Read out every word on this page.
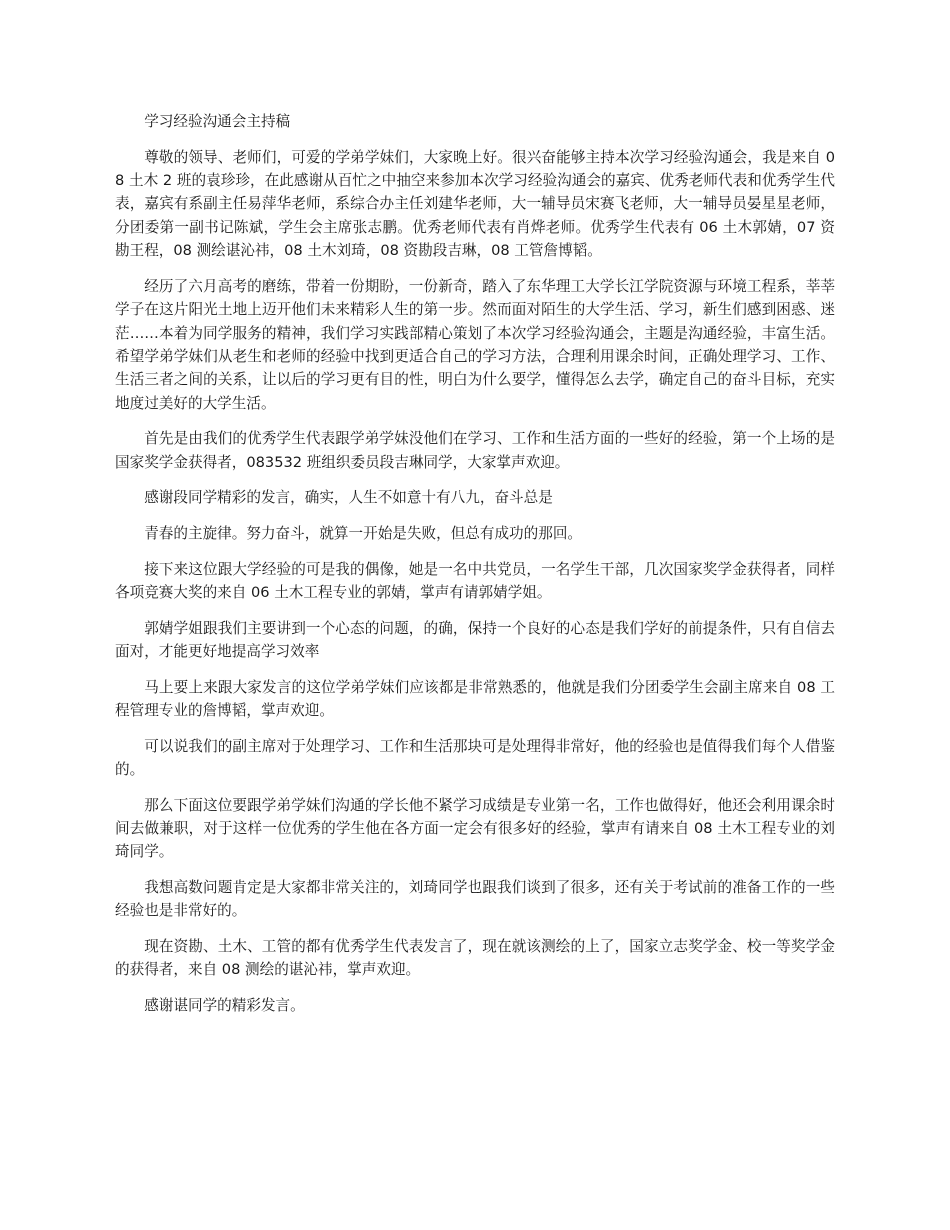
学习经验沟通会主持稿

尊敬的领导、老师们，可爱的学弟学妹们，大家晚上好。很兴奋能够主持本次学习经验沟通会，我是来自 08 土木 2 班的袁珍珍，在此感谢从百忙之中抽空来参加本次学习经验沟通会的嘉宾、优秀老师代表和优秀学生代表，嘉宾有系副主任易萍华老师，系综合办主任刘建华老师，大一辅导员宋赛飞老师，大一辅导员晏星星老师，分团委第一副书记陈斌，学生会主席张志鹏。优秀老师代表有肖烨老师。优秀学生代表有 06 土木郭婧，07 资勘王程，08 测绘谌沁祎，08 土木刘琦，08 资勘段吉琳，08 工管詹博韬。

经历了六月高考的磨练，带着一份期盼，一份新奇，踏入了东华理工大学长江学院资源与环境工程系，莘莘学子在这片阳光土地上迈开他们未来精彩人生的第一步。然而面对陌生的大学生活、学习，新生们感到困惑、迷茫……本着为同学服务的精神，我们学习实践部精心策划了本次学习经验沟通会，主题是沟通经验，丰富生活。希望学弟学妹们从老生和老师的经验中找到更适合自己的学习方法，合理利用课余时间，正确处理学习、工作、生活三者之间的关系，让以后的学习更有目的性，明白为什么要学，懂得怎么去学，确定自己的奋斗目标，充实地度过美好的大学生活。

首先是由我们的优秀学生代表跟学弟学妹没他们在学习、工作和生活方面的一些好的经验，第一个上场的是国家奖学金获得者，083532 班组织委员段吉琳同学，大家掌声欢迎。

感谢段同学精彩的发言，确实，人生不如意十有八九，奋斗总是

青春的主旋律。努力奋斗，就算一开始是失败，但总有成功的那回。

接下来这位跟大学经验的可是我的偶像，她是一名中共党员，一名学生干部，几次国家奖学金获得者，同样各项竞赛大奖的来自 06 土木工程专业的郭婧，掌声有请郭婧学姐。

郭婧学姐跟我们主要讲到一个心态的问题，的确，保持一个良好的心态是我们学好的前提条件，只有自信去面对，才能更好地提高学习效率

马上要上来跟大家发言的这位学弟学妹们应该都是非常熟悉的，他就是我们分团委学生会副主席来自 08 工程管理专业的詹博韬，掌声欢迎。

可以说我们的副主席对于处理学习、工作和生活那块可是处理得非常好，他的经验也是值得我们每个人借鉴的。

那么下面这位要跟学弟学妹们沟通的学长他不紧学习成绩是专业第一名，工作也做得好，他还会利用课余时间去做兼职，对于这样一位优秀的学生他在各方面一定会有很多好的经验，掌声有请来自 08 土木工程专业的刘琦同学。

我想高数问题肯定是大家都非常关注的，刘琦同学也跟我们谈到了很多，还有关于考试前的准备工作的一些经验也是非常好的。

现在资勘、土木、工管的都有优秀学生代表发言了，现在就该测绘的上了，国家立志奖学金、校一等奖学金的获得者，来自 08 测绘的谌沁祎，掌声欢迎。

感谢谌同学的精彩发言。
